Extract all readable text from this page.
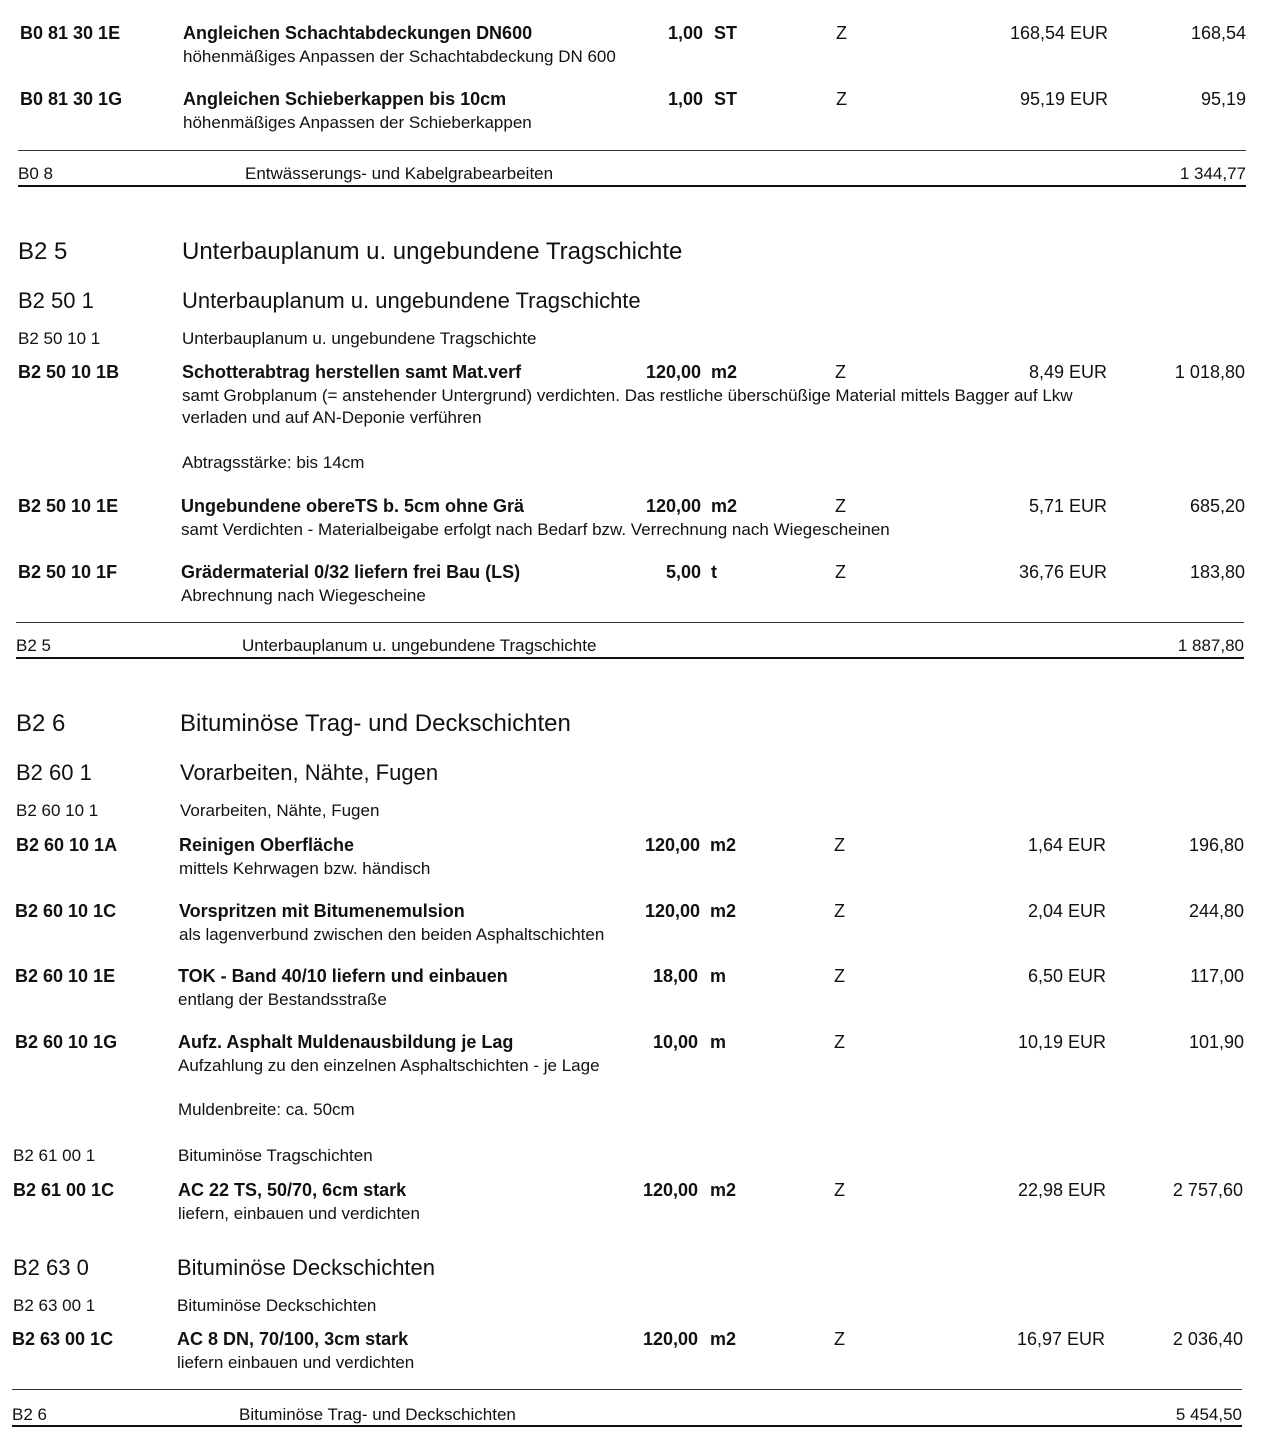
B0 81 30 1E	Angleichen Schachtabdeckungen DN600	1,00 ST	Z	168,54 EUR	168,54
höhenmäßiges Anpassen der Schachtabdeckung DN 600
B0 81 30 1G	Angleichen Schieberkappen bis 10cm	1,00 ST	Z	95,19 EUR	95,19
höhenmäßiges Anpassen der Schieberkappen
B0 8	Entwässerungs- und Kabelgrabearbeiten	1 344,77
B2 5	Unterbauplanum u. ungebundene Tragschichte
B2 50 1	Unterbauplanum u. ungebundene Tragschichte
B2 50 10 1	Unterbauplanum u. ungebundene Tragschichte
B2 50 10 1B	Schotterabtrag herstellen samt Mat.verf	120,00 m2	Z	8,49 EUR	1 018,80
samt Grobplanum (= anstehender Untergrund) verdichten. Das restliche überschüßige Material mittels Bagger auf Lkw verladen und auf AN-Deponie verführen
Abtragsstärke: bis 14cm
B2 50 10 1E	Ungebundene obereTS b. 5cm ohne Grä	120,00 m2	Z	5,71 EUR	685,20
samt Verdichten - Materialbeigabe erfolgt nach Bedarf bzw. Verrechnung nach Wiegescheinen
B2 50 10 1F	Grädermaterial 0/32 liefern frei Bau (LS)	5,00 t	Z	36,76 EUR	183,80
Abrechnung nach Wiegescheine
B2 5	Unterbauplanum u. ungebundene Tragschichte	1 887,80
B2 6	Bituminöse Trag- und Deckschichten
B2 60 1	Vorarbeiten, Nähte, Fugen
B2 60 10 1	Vorarbeiten, Nähte, Fugen
B2 60 10 1A	Reinigen Oberfläche	120,00 m2	Z	1,64 EUR	196,80
mittels Kehrwagen bzw. händisch
B2 60 10 1C	Vorspritzen mit Bitumenemulsion	120,00 m2	Z	2,04 EUR	244,80
als lagenverbund zwischen den beiden Asphaltschichten
B2 60 10 1E	TOK - Band 40/10 liefern und einbauen	18,00 m	Z	6,50 EUR	117,00
entlang der Bestandsstraße
B2 60 10 1G	Aufz. Asphalt Muldenausbildung je Lag	10,00 m	Z	10,19 EUR	101,90
Aufzahlung zu den einzelnen Asphaltschichten - je Lage
Muldenbreite: ca. 50cm
B2 61 00 1	Bituminöse Tragschichten
B2 61 00 1C	AC 22 TS, 50/70, 6cm stark	120,00 m2	Z	22,98 EUR	2 757,60
liefern, einbauen und verdichten
B2 63 0	Bituminöse Deckschichten
B2 63 00 1	Bituminöse Deckschichten
B2 63 00 1C	AC 8 DN, 70/100, 3cm stark	120,00 m2	Z	16,97 EUR	2 036,40
liefern einbauen und verdichten
B2 6	Bituminöse Trag- und Deckschichten	5 454,50
